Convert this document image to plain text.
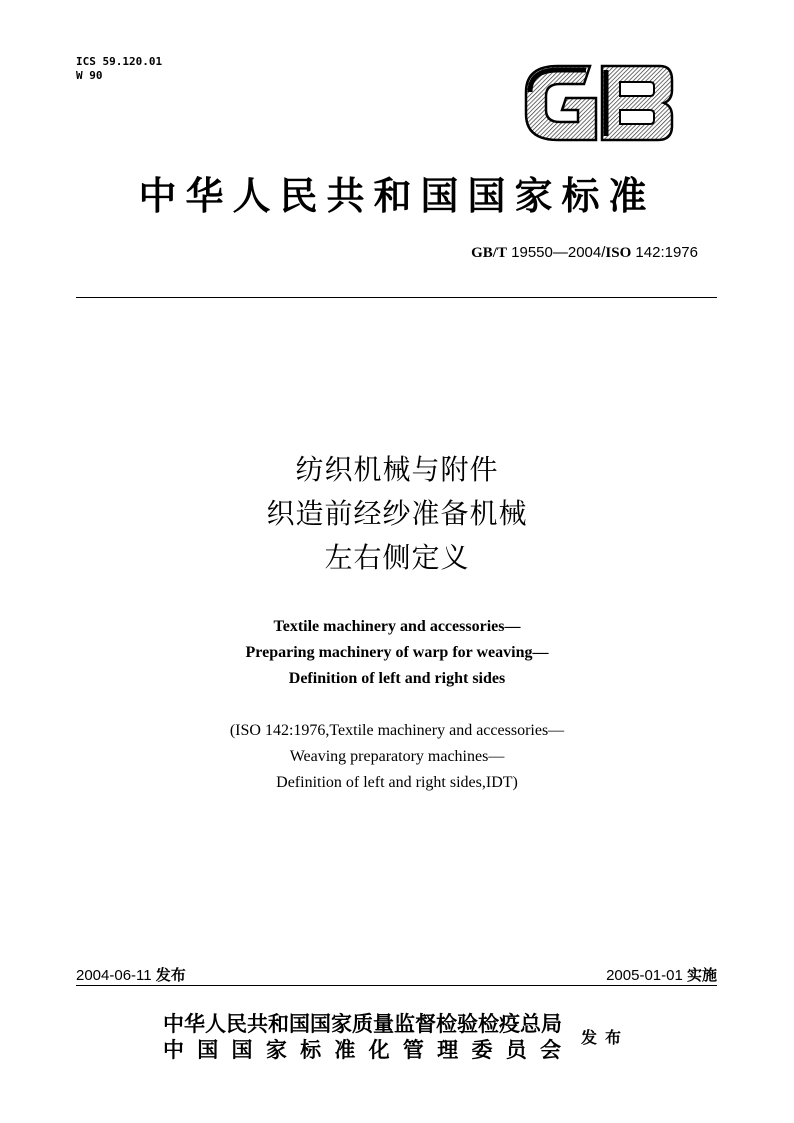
ICS 59.120.01
W 90
中华人民共和国国家标准
GB/T 19550—2004/ISO 142:1976
纺织机械与附件
织造前经纱准备机械
左右侧定义
Textile machinery and accessories—
Preparing machinery of warp for weaving—
Definition of left and right sides
(ISO 142:1976,Textile machinery and accessories—
Weaving preparatory machines—
Definition of left and right sides,IDT)
2004-06-11 发布	2005-01-01 实施
中华人民共和国国家质量监督检验检疫总局
中国国家标准化管理委员会
发布
